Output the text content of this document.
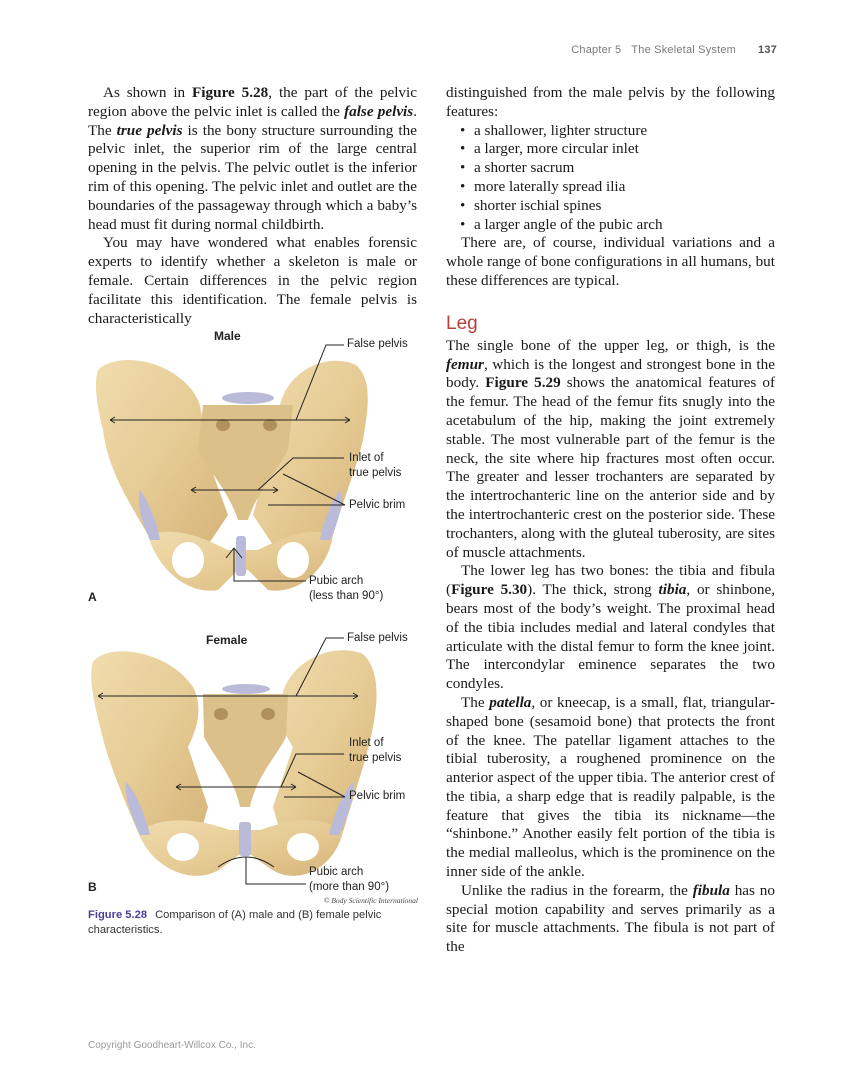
Chapter 5 The Skeletal System 137

As shown in Figure 5.28, the part of the pelvic region above the pelvic inlet is called the false pelvis. The true pelvis is the bony structure surrounding the pelvic inlet, the superior rim of the large central opening in the pelvis. The pelvic outlet is the inferior rim of this opening. The pelvic inlet and outlet are the boundaries of the passageway through which a baby’s head must fit during normal childbirth.

You may have wondered what enables forensic experts to identify whether a skeleton is male or female. Certain differences in the pelvic region facilitate this identification. The female pelvis is characteristically

Male
False pelvis
Inlet of
true pelvis
Pelvic brim
Pubic arch
(less than 90°)
A
Female	False pelvis
Inlet of
true pelvis
Pelvic brim
Pubic arch
(more than 90°)
B
© Body Scientific International
Figure 5.28 Comparison of (A) male and (B) female pelvic characteristics.

distinguished from the male pelvis by the following features:

• a shallower, lighter structure
• a larger, more circular inlet
• a shorter sacrum
• more laterally spread ilia
• shorter ischial spines
• a larger angle of the pubic arch

There are, of course, individual variations and a whole range of bone configurations in all humans, but these differences are typical.

Leg

The single bone of the upper leg, or thigh, is the femur, which is the longest and strongest bone in the body. Figure 5.29 shows the anatomical features of the femur. The head of the femur fits snugly into the acetabulum of the hip, making the joint extremely stable. The most vulnerable part of the femur is the neck, the site where hip fractures most often occur. The greater and lesser trochanters are separated by the intertrochanteric line on the anterior side and by the intertrochanteric crest on the posterior side. These trochanters, along with the gluteal tuberosity, are sites of muscle attachments.

The lower leg has two bones: the tibia and fibula (Figure 5.30). The thick, strong tibia, or shinbone, bears most of the body’s weight. The proximal head of the tibia includes medial and lateral condyles that articulate with the distal femur to form the knee joint. The intercondylar eminence separates the two condyles.

The patella, or kneecap, is a small, flat, triangular-shaped bone (sesamoid bone) that protects the front of the knee. The patellar ligament attaches to the tibial tuberosity, a roughened prominence on the anterior aspect of the upper tibia. The anterior crest of the tibia, a sharp edge that is readily palpable, is the feature that gives the tibia its nickname—the “shinbone.” Another easily felt portion of the tibia is the medial malleolus, which is the prominence on the inner side of the ankle.

Unlike the radius in the forearm, the fibula has no special motion capability and serves primarily as a site for muscle attachments. The fibula is not part of the

Copyright Goodheart-Willcox Co., Inc.
